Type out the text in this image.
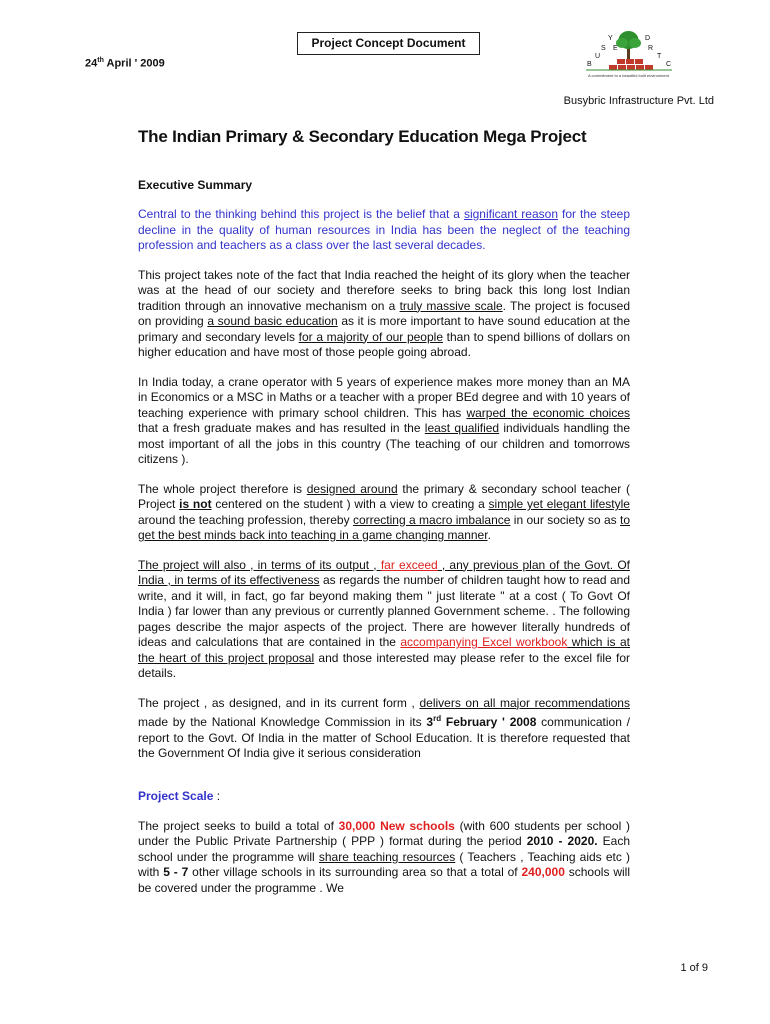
Project Concept Document
24th April ' 2009
Y	D
S E	R
U	T
B	C
A commitment to a beautiful built environment
Busybric Infrastructure Pvt. Ltd
The Indian Primary & Secondary Education Mega Project
Executive Summary

Central to the thinking behind this project is the belief that a significant reason for the steep decline in the quality of human resources in India has been the neglect of the teaching profession and teachers as a class over the last several decades.

This project takes note of the fact that India reached the height of its glory when the teacher was at the head of our society and therefore seeks to bring back this long lost Indian tradition through an innovative mechanism on a truly massive scale. The project is focused on providing a sound basic education as it is more important to have sound education at the primary and secondary levels for a majority of our people than to spend billions of dollars on higher education and have most of those people going abroad.

In India today, a crane operator with 5 years of experience makes more money than an MA in Economics or a MSC in Maths or a teacher with a proper BEd degree and with 10 years of teaching experience with primary school children. This has warped the economic choices that a fresh graduate makes and has resulted in the least qualified individuals handling the most important of all the jobs in this country (The teaching of our children and tomorrows citizens ).

The whole project therefore is designed around the primary & secondary school teacher ( Project is not centered on the student ) with a view to creating a simple yet elegant lifestyle around the teaching profession, thereby correcting a macro imbalance in our society so as to get the best minds back into teaching in a game changing manner.

The project will also , in terms of its output , far exceed , any previous plan of the Govt. Of India , in terms of its effectiveness as regards the number of children taught how to read and write, and it will, in fact, go far beyond making them " just literate " at a cost ( To Govt Of India ) far lower than any previous or currently planned Government scheme. . The following pages describe the major aspects of the project. There are however literally hundreds of ideas and calculations that are contained in the accompanying Excel workbook which is at the heart of this project proposal and those interested may please refer to the excel file for details.

The project , as designed, and in its current form , delivers on all major recommendations made by the National Knowledge Commission in its 3rd February ' 2008 communication / report to the Govt. Of India in the matter of School Education. It is therefore requested that the Government Of India give it serious consideration

Project Scale :

The project seeks to build a total of 30,000 New schools (with 600 students per school ) under the Public Private Partnership ( PPP ) format during the period 2010 - 2020. Each school under the programme will share teaching resources ( Teachers , Teaching aids etc ) with 5 - 7 other village schools in its surrounding area so that a total of 240,000 schools will be covered under the programme . We

1 of 9
